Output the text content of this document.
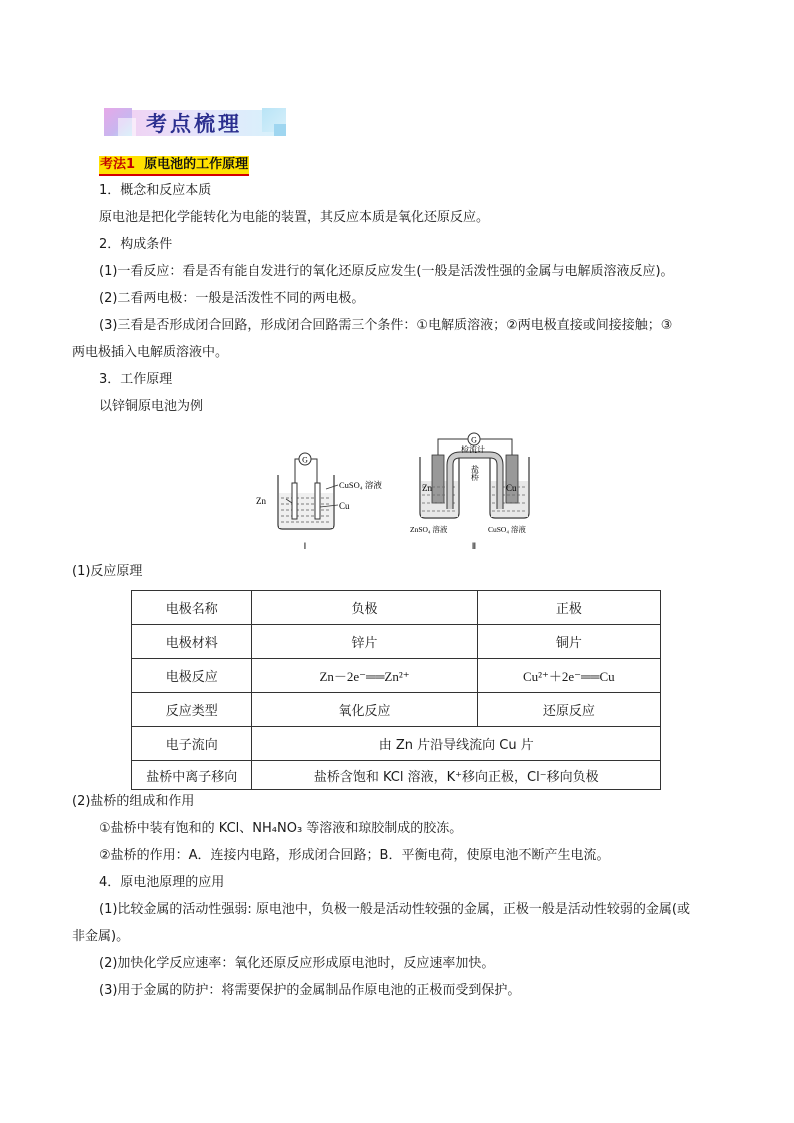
考点梳理
考法1 原电池的工作原理
1．概念和反应本质
原电池是把化学能转化为电能的装置，其反应本质是氧化还原反应。
2．构成条件
(1)一看反应：看是否有能自发进行的氧化还原反应发生(一般是活泼性强的金属与电解质溶液反应)。
(2)二看两电极：一般是活泼性不同的两电极。
(3)三看是否形成闭合回路，形成闭合回路需三个条件：①电解质溶液；②两电极直接或间接接触；③
两电极插入电解质溶液中。
3．工作原理
以锌铜原电池为例
G
Zn
CuSO₄ 溶液
Cu
Ⅰ
G
检流计
盐桥
Zn	Cu
ZnSO₄ 溶液	CuSO₄ 溶液
Ⅱ
(1)反应原理
电极名称	负极	正极
电极材料	锌片	铜片
电极反应	Zn－2e⁻══Zn²⁺	Cu²⁺＋2e⁻══Cu
反应类型	氧化反应	还原反应
电子流向	由 Zn 片沿导线流向 Cu 片	
盐桥中离子移向	盐桥含饱和 KCl 溶液，K⁺移向正极，Cl⁻移向负极	
(2)盐桥的组成和作用
①盐桥中装有饱和的 KCl、NH₄NO₃ 等溶液和琼胶制成的胶冻。
②盐桥的作用：A．连接内电路，形成闭合回路；B．平衡电荷，使原电池不断产生电流。
4．原电池原理的应用
(1)比较金属的活动性强弱: 原电池中，负极一般是活动性较强的金属，正极一般是活动性较弱的金属(或
非金属)。
(2)加快化学反应速率：氧化还原反应形成原电池时，反应速率加快。
(3)用于金属的防护：将需要保护的金属制品作原电池的正极而受到保护。
